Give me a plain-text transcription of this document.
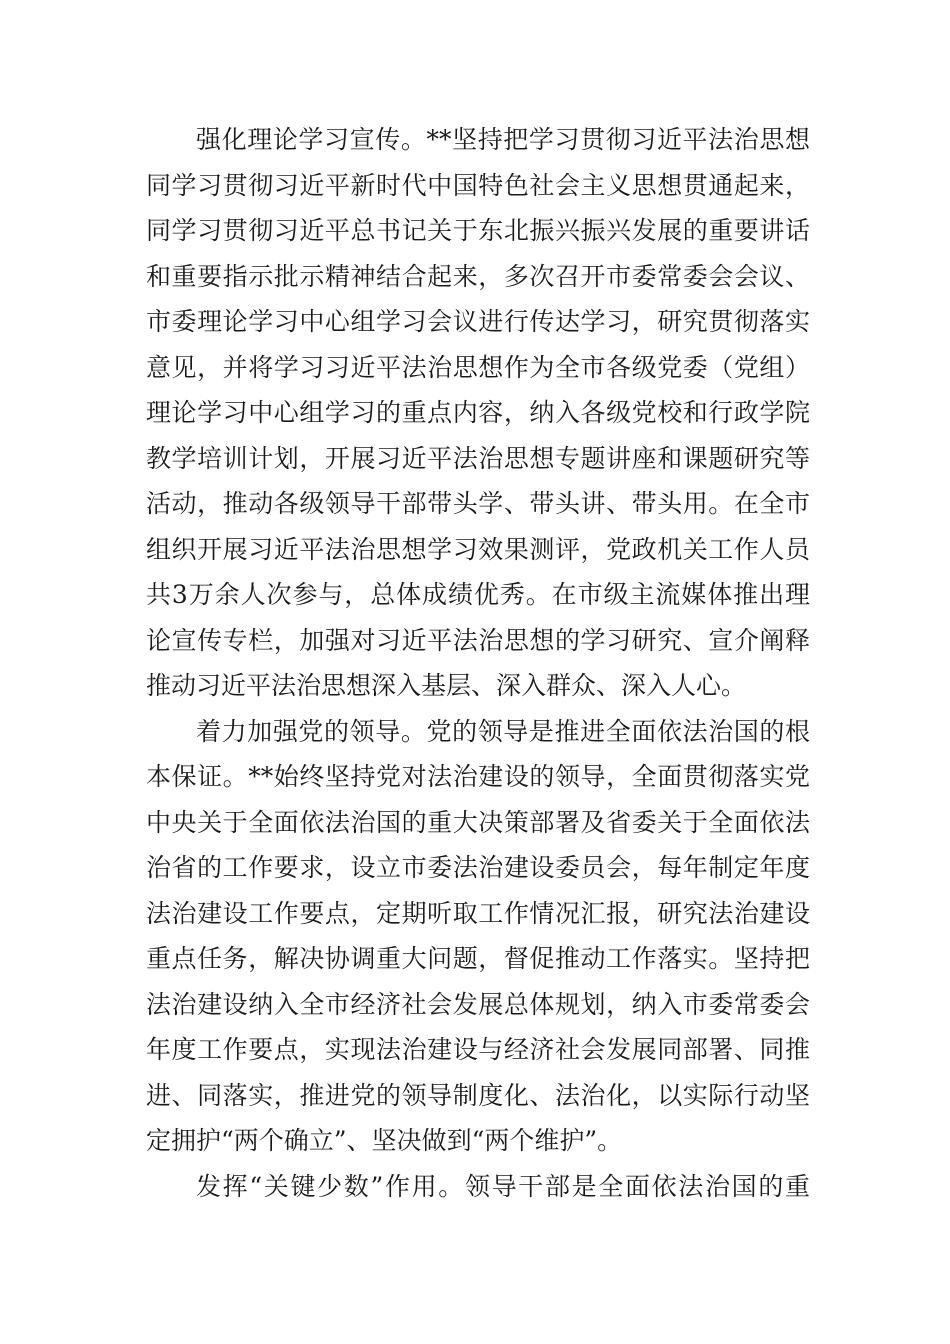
强化理论学习宣传。**坚持把学习贯彻习近平法治思想
同学习贯彻习近平新时代中国特色社会主义思想贯通起来，
同学习贯彻习近平总书记关于东北振兴振兴发展的重要讲话
和重要指示批示精神结合起来，多次召开市委常委会会议、
市委理论学习中心组学习会议进行传达学习，研究贯彻落实
意见，并将学习习近平法治思想作为全市各级党委（党组）
理论学习中心组学习的重点内容，纳入各级党校和行政学院
教学培训计划，开展习近平法治思想专题讲座和课题研究等
活动，推动各级领导干部带头学、带头讲、带头用。在全市
组织开展习近平法治思想学习效果测评，党政机关工作人员
共3万余人次参与，总体成绩优秀。在市级主流媒体推出理
论宣传专栏，加强对习近平法治思想的学习研究、宣介阐释
推动习近平法治思想深入基层、深入群众、深入人心。
着力加强党的领导。党的领导是推进全面依法治国的根
本保证。**始终坚持党对法治建设的领导，全面贯彻落实党
中央关于全面依法治国的重大决策部署及省委关于全面依法
治省的工作要求，设立市委法治建设委员会，每年制定年度
法治建设工作要点，定期听取工作情况汇报，研究法治建设
重点任务，解决协调重大问题，督促推动工作落实。坚持把
法治建设纳入全市经济社会发展总体规划，纳入市委常委会
年度工作要点，实现法治建设与经济社会发展同部署、同推
进、同落实，推进党的领导制度化、法治化，以实际行动坚
定拥护“两个确立”、坚决做到“两个维护”。
发挥“关键少数”作用。领导干部是全面依法治国的重
